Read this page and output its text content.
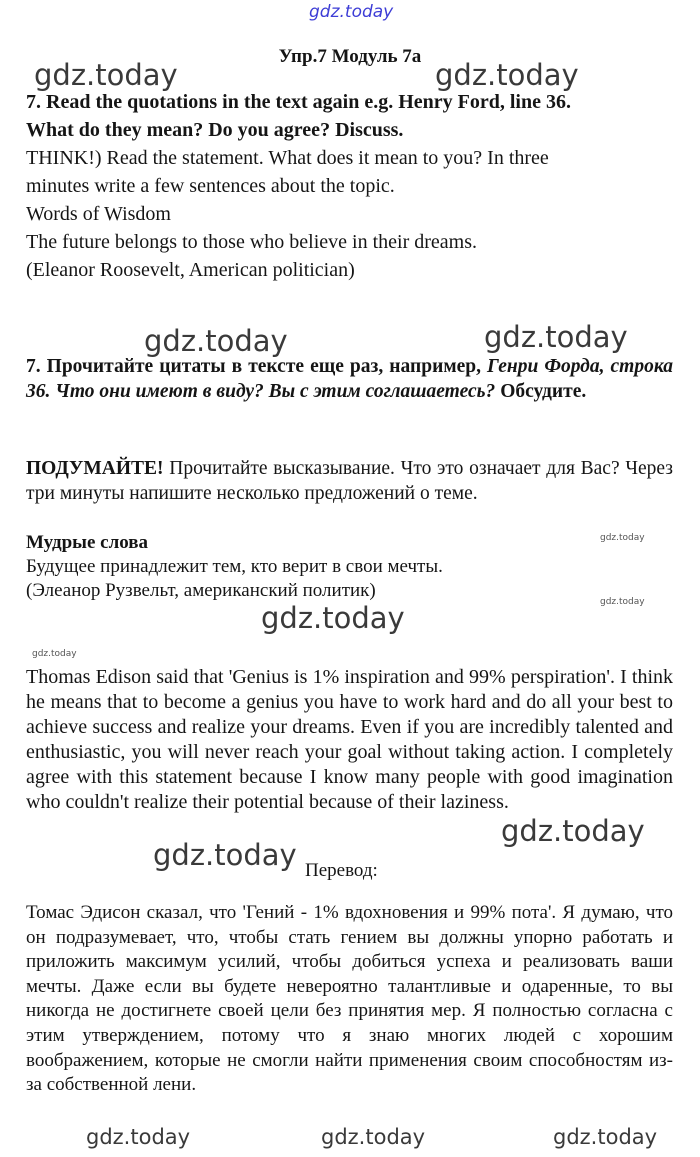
gdz.today
Упр.7 Модуль 7a
7. Read the quotations in the text again e.g. Henry Ford, line 36.
What do they mean? Do you agree? Discuss.
THINK!) Read the statement. What does it mean to you? In three
minutes write a few sentences about the topic.
Words of Wisdom
The future belongs to those who believe in their dreams.
(Eleanor Roosevelt, American politician)
7. Прочитайте цитаты в тексте еще раз, например, Генри Форда, строка 36. Что они имеют в виду? Вы с этим соглашаетесь? Обсудите.
ПОДУМАЙТЕ! Прочитайте высказывание. Что это означает для Вас? Через три минуты напишите несколько предложений о теме.
Мудрые слова
Будущее принадлежит тем, кто верит в свои мечты.
(Элеанор Рузвельт, американский политик)
Thomas Edison said that 'Genius is 1% inspiration and 99% perspiration'. I think he means that to become a genius you have to work hard and do all your best to achieve success and realize your dreams. Even if you are incredibly talented and enthusiastic, you will never reach your goal without taking action. I completely agree with this statement because I know many people with good imagination who couldn't realize their potential because of their laziness.
Перевод:
Томас Эдисон сказал, что 'Гений - 1% вдохновения и 99% пота'. Я думаю, что он подразумевает, что, чтобы стать гением вы должны упорно работать и приложить максимум усилий, чтобы добиться успеха и реализовать ваши мечты. Даже если вы будете невероятно талантливые и одаренные, то вы никогда не достигнете своей цели без принятия мер. Я полностью согласна с этим утверждением, потому что я знаю многих людей с хорошим воображением, которые не смогли найти применения своим способностям из-за собственной лени.
gdz.today	gdz.today
gdz.today	gdz.today
gdz.today
gdz.today
gdz.today
gdz.today	gdz.today	gdz.today
gdz.today
gdz.today
gdz.today
